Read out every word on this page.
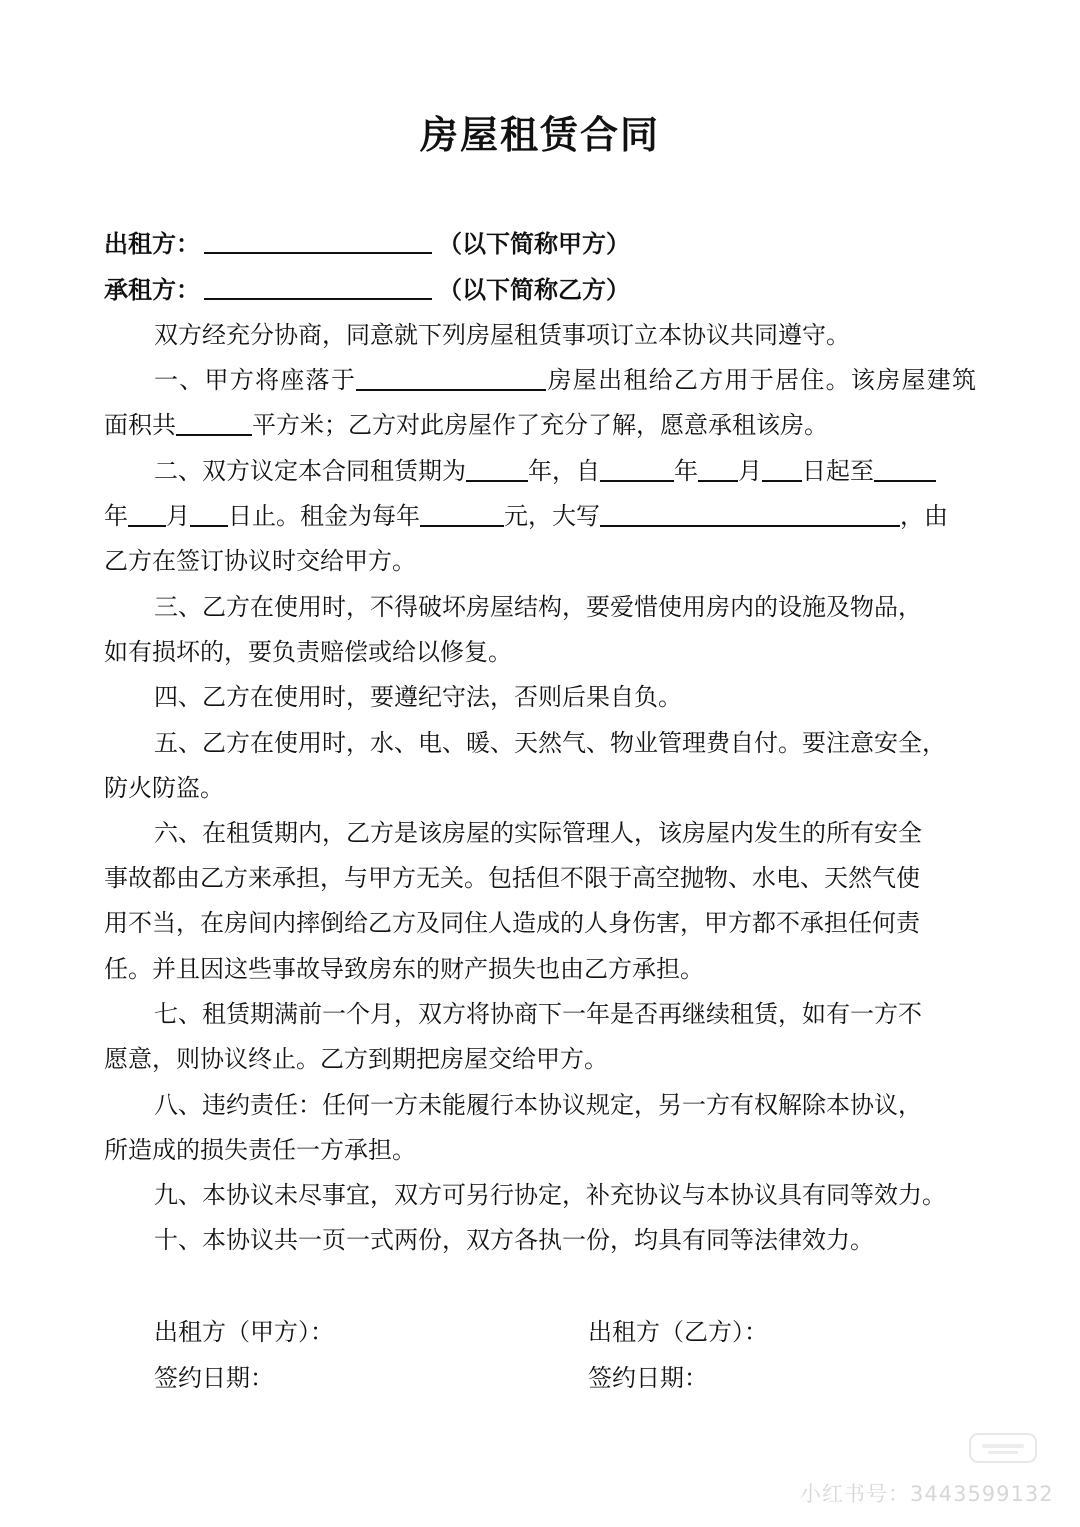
房屋租赁合同
出租方：	（以下简称甲方）
承租方：	（以下简称乙方）
双方经充分协商，同意就下列房屋租赁事项订立本协议共同遵守。
一、甲方将座落于	房屋出租给乙方用于居住。该房屋建筑
面积共	平方米；乙方对此房屋作了充分了解，愿意承租该房。
二、双方议定本合同租赁期为	年，自	年 月 日起至
年 月 日止。租金为每年	元，大写	，由
乙方在签订协议时交给甲方。
三、乙方在使用时，不得破坏房屋结构，要爱惜使用房内的设施及物品，
如有损坏的，要负责赔偿或给以修复。
四、乙方在使用时，要遵纪守法，否则后果自负。
五、乙方在使用时，水、电、暖、天然气、物业管理费自付。要注意安全，
防火防盗。
六、在租赁期内，乙方是该房屋的实际管理人，该房屋内发生的所有安全
事故都由乙方来承担，与甲方无关。包括但不限于高空抛物、水电、天然气使
用不当，在房间内摔倒给乙方及同住人造成的人身伤害，甲方都不承担任何责
任。并且因这些事故导致房东的财产损失也由乙方承担。
七、租赁期满前一个月，双方将协商下一年是否再继续租赁，如有一方不
愿意，则协议终止。乙方到期把房屋交给甲方。
八、违约责任：任何一方未能履行本协议规定，另一方有权解除本协议，
所造成的损失责任一方承担。
九、本协议未尽事宜，双方可另行协定，补充协议与本协议具有同等效力。
十、本协议共一页一式两份，双方各执一份，均具有同等法律效力。
出租方（甲方）：	出租方（乙方）：
签约日期：	签约日期：
小红书号：3443599132
